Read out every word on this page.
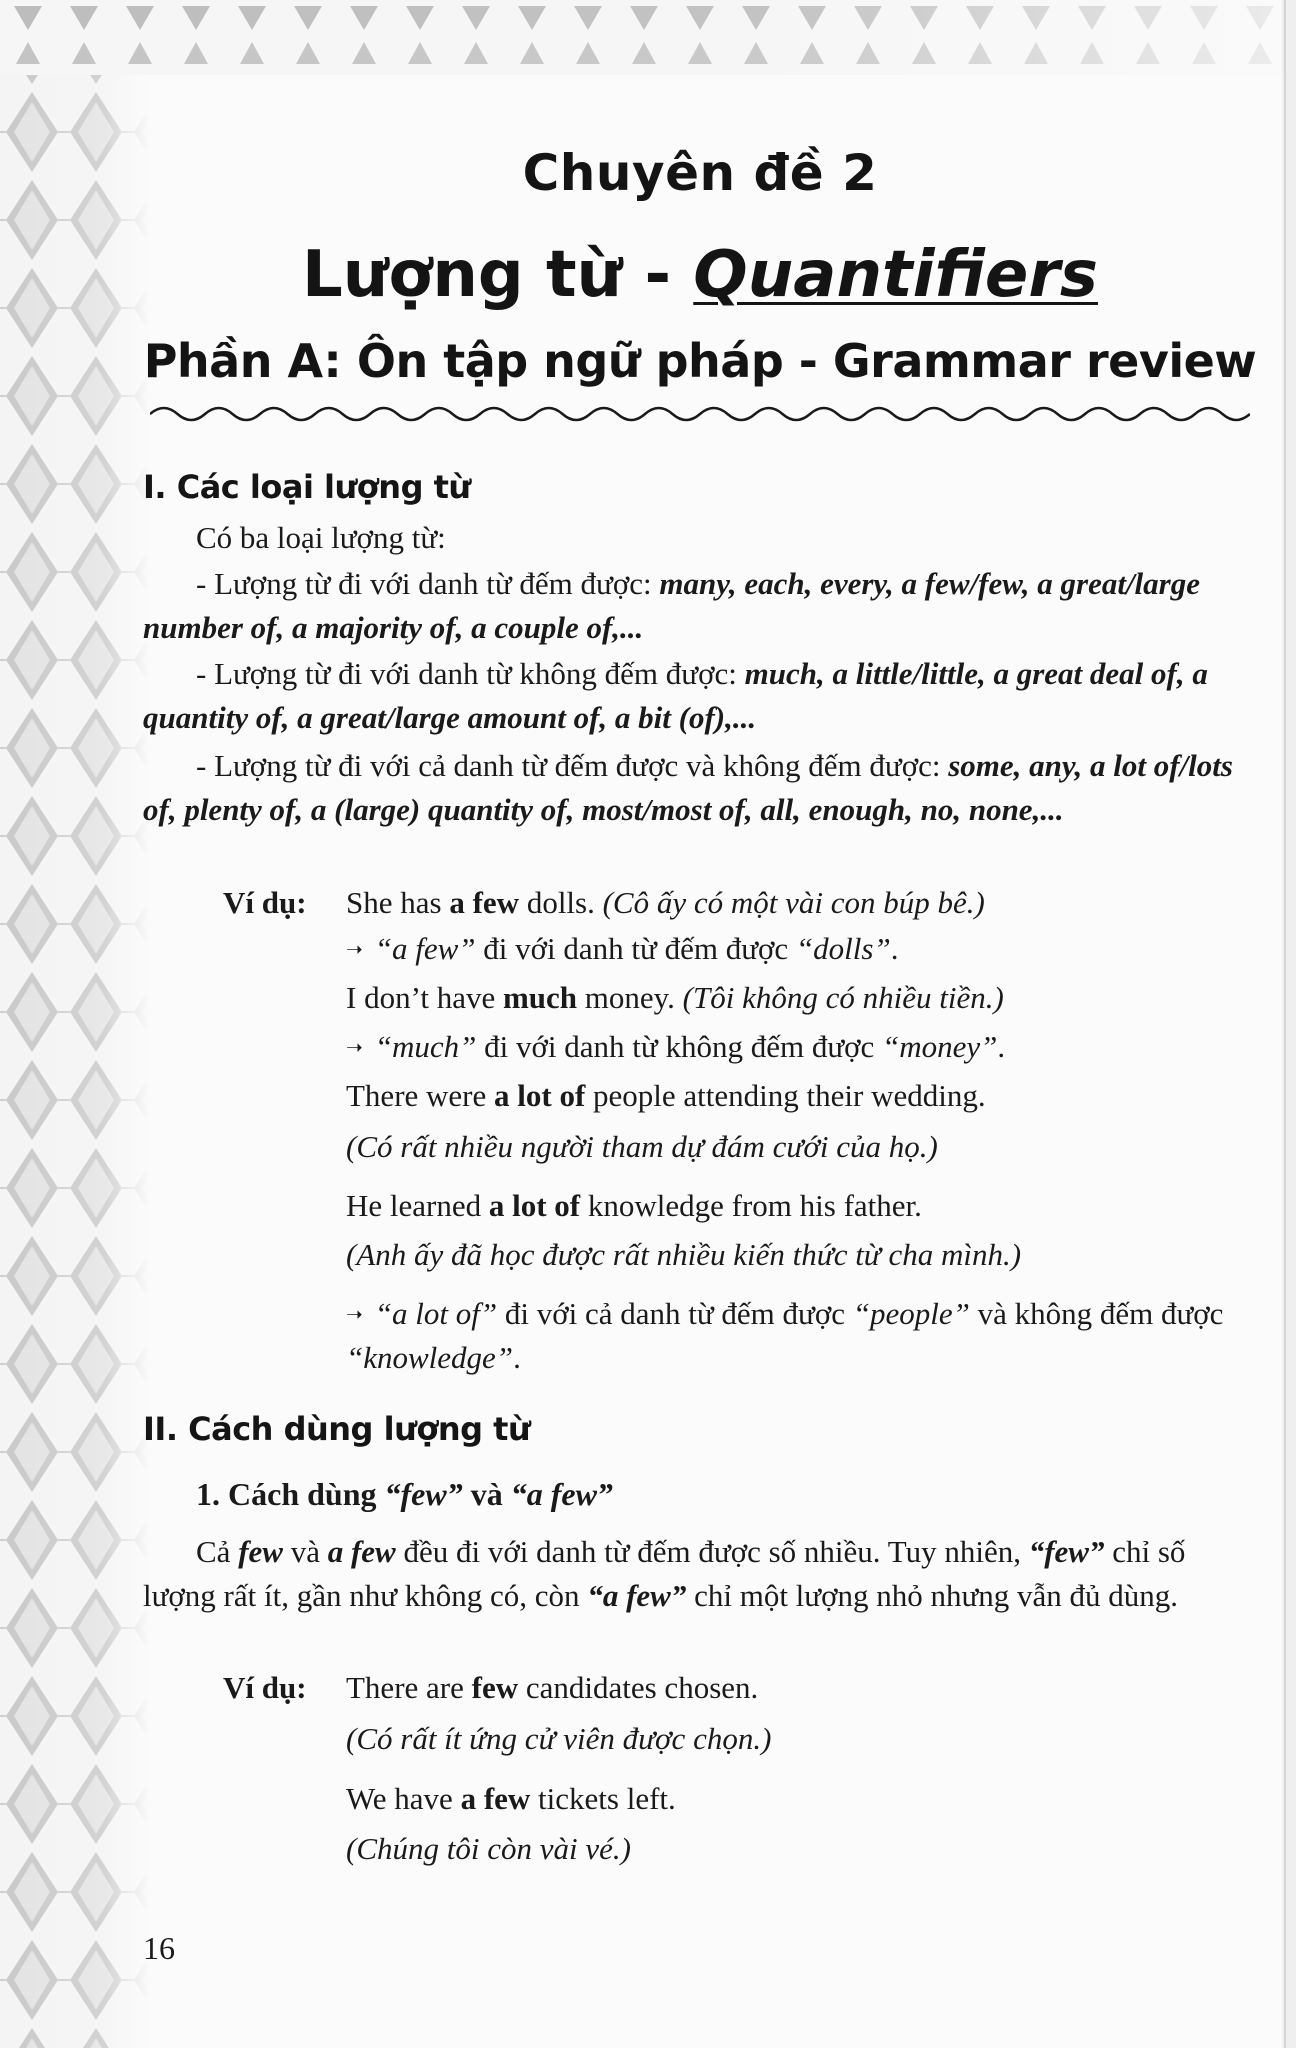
Chuyên đề 2
Lượng từ - Quantifiers
Phần A: Ôn tập ngữ pháp - Grammar review
I. Các loại lượng từ

Có ba loại lượng từ:

- Lượng từ đi với danh từ đếm được: many, each, every, a few/few, a great/large number of, a majority of, a couple of,...

- Lượng từ đi với danh từ không đếm được: much, a little/little, a great deal of, a quantity of, a great/large amount of, a bit (of),...

- Lượng từ đi với cả danh từ đếm được và không đếm được: some, any, a lot of/lots of, plenty of, a (large) quantity of, most/most of, all, enough, no, none,...

Ví dụ: She has a few dolls. (Cô ấy có một vài con búp bê.)

➝ “a few” đi với danh từ đếm được “dolls”.

I don’t have much money. (Tôi không có nhiều tiền.)

➝ “much” đi với danh từ không đếm được “money”.

There were a lot of people attending their wedding.

(Có rất nhiều người tham dự đám cưới của họ.)

He learned a lot of knowledge from his father.

(Anh ấy đã học được rất nhiều kiến thức từ cha mình.)

➝ “a lot of” đi với cả danh từ đếm được “people” và không đếm được “knowledge”.

II. Cách dùng lượng từ

1. Cách dùng “few” và “a few”

Cả few và a few đều đi với danh từ đếm được số nhiều. Tuy nhiên, “few” chỉ số lượng rất ít, gần như không có, còn “a few” chỉ một lượng nhỏ nhưng vẫn đủ dùng.

Ví dụ: There are few candidates chosen.

(Có rất ít ứng cử viên được chọn.)

We have a few tickets left.

(Chúng tôi còn vài vé.)

16
